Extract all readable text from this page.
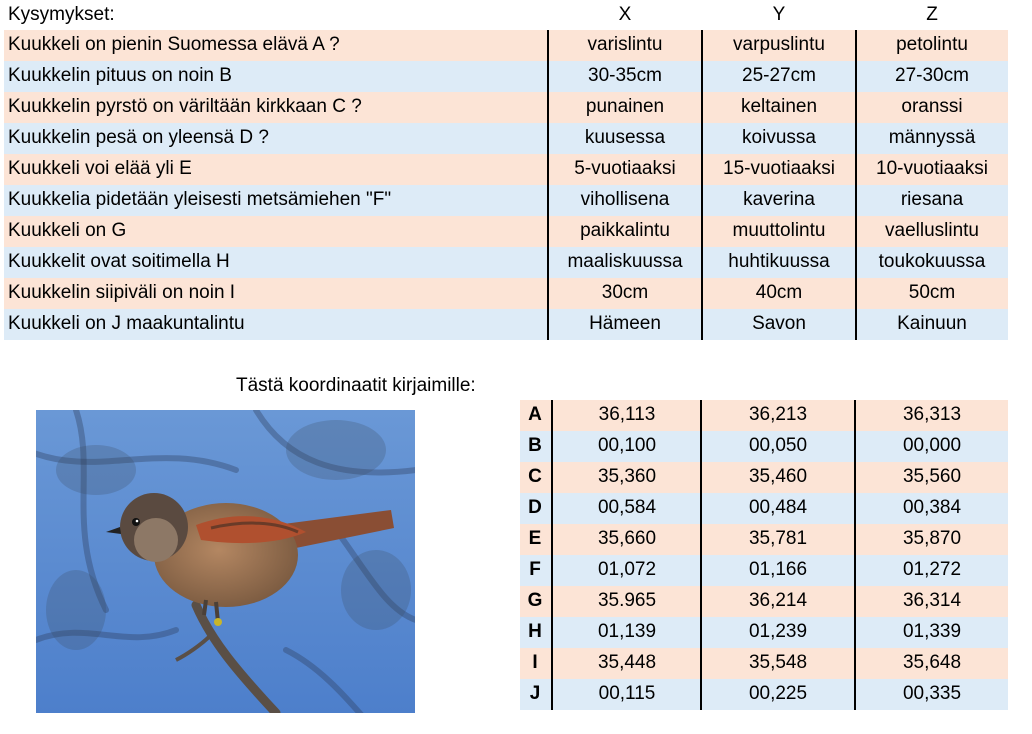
Kysymykset:	X	Y	Z
Kuukkeli on pienin Suomessa elävä A ?	varislintu	varpuslintu	petolintu
Kuukkelin pituus on noin B	30-35cm	25-27cm	27-30cm
Kuukkelin pyrstö on väriltään kirkkaan C ?	punainen	keltainen	oranssi
Kuukkelin pesä on yleensä D ?	kuusessa	koivussa	männyssä
Kuukkeli voi elää yli E	5-vuotiaaksi	15-vuotiaaksi	10-vuotiaaksi
Kuukkelia pidetään yleisesti metsämiehen "F"	vihollisena	kaverina	riesana
Kuukkeli on G	paikkalintu	muuttolintu	vaelluslintu
Kuukkelit ovat soitimella H	maaliskuussa	huhtikuussa	toukokuussa
Kuukkelin siipiväli on noin I	30cm	40cm	50cm
Kuukkeli on J maakuntalintu	Hämeen	Savon	Kainuun
Tästä koordinaatit kirjaimille:
A	36,113	36,213	36,313
B	00,100	00,050	00,000
C	35,360	35,460	35,560
D	00,584	00,484	00,384
E	35,660	35,781	35,870
F	01,072	01,166	01,272
G	35.965	36,214	36,314
H	01,139	01,239	01,339
I	35,448	35,548	35,648
J	00,115	00,225	00,335
